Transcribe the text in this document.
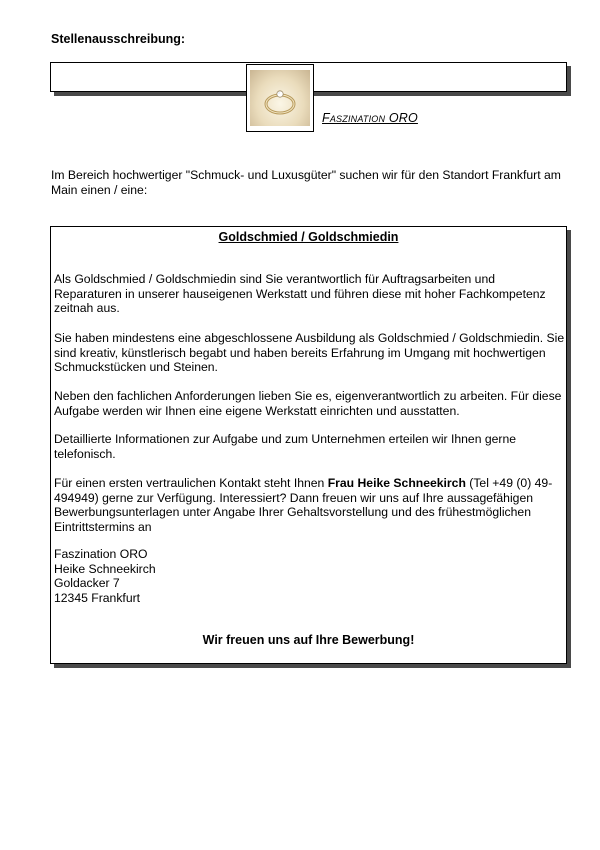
Stellenausschreibung:
Faszination ORO
Im Bereich hochwertiger "Schmuck- und Luxusgüter" suchen wir für den Standort Frankfurt am Main einen / eine:
Goldschmied / Goldschmiedin
Als Goldschmied / Goldschmiedin sind Sie verantwortlich für Auftragsarbeiten und Reparaturen in unserer hauseigenen Werkstatt und führen diese mit hoher Fachkompetenz zeitnah aus.
Sie haben mindestens eine abgeschlossene Ausbildung als Goldschmied / Goldschmiedin. Sie sind kreativ, künstlerisch begabt und haben bereits Erfahrung im Umgang mit hochwertigen Schmuckstücken und Steinen.
Neben den fachlichen Anforderungen lieben Sie es, eigenverantwortlich zu arbeiten. Für diese Aufgabe werden wir Ihnen eine eigene Werkstatt einrichten und ausstatten.
Detaillierte Informationen zur Aufgabe und zum Unternehmen erteilen wir Ihnen gerne telefonisch.
Für einen ersten vertraulichen Kontakt steht Ihnen Frau Heike Schneekirch (Tel +49 (0) 49-494949) gerne zur Verfügung. Interessiert? Dann freuen wir uns auf Ihre aussagefähigen Bewerbungsunterlagen unter Angabe Ihrer Gehaltsvorstellung und des frühestmöglichen Eintrittstermins an
Faszination ORO
Heike Schneekirch
Goldacker 7
12345 Frankfurt
Wir freuen uns auf Ihre Bewerbung!
